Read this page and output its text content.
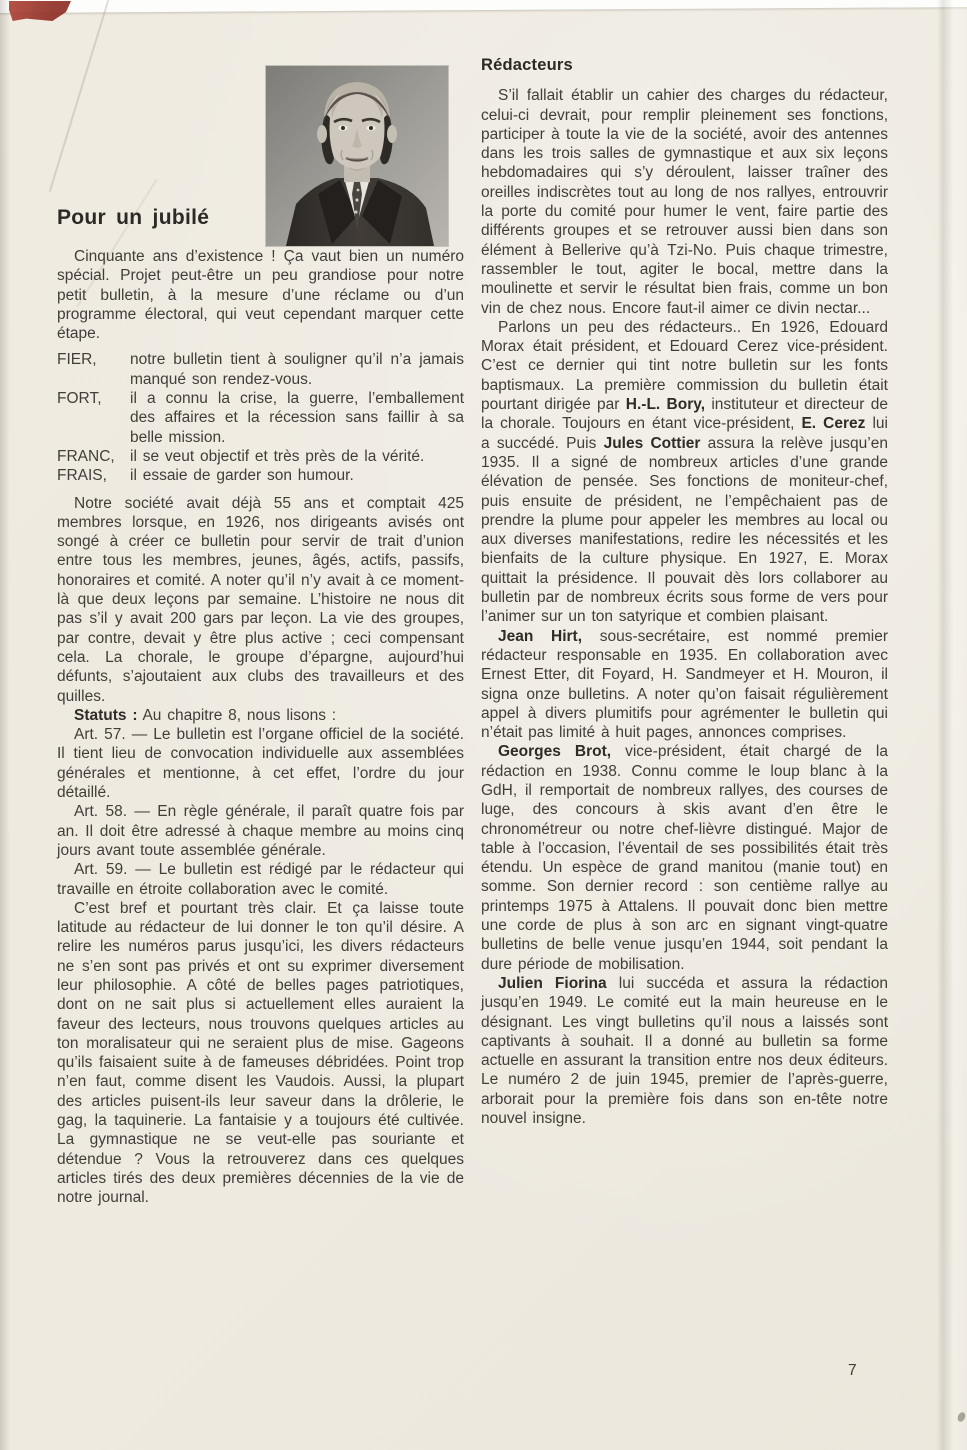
Pour un jubilé

Cinquante ans d’existence ! Ça vaut bien un numéro spécial. Projet peut-être un peu grandiose pour notre petit bulletin, à la mesure d’une réclame ou d’un programme électoral, qui veut cependant marquer cette étape.

FIER,	notre bulletin tient à souligner qu’il n’a jamais manqué son rendez-vous.
FORT,	il a connu la crise, la guerre, l’emballement des affaires et la récession sans faillir à sa belle mission.
FRANC, il se veut objectif et très près de la vérité.
FRAIS,	il essaie de garder son humour.

Notre société avait déjà 55 ans et comptait 425 membres lorsque, en 1926, nos dirigeants avisés ont songé à créer ce bulletin pour servir de trait d’union entre tous les membres, jeunes, âgés, actifs, passifs, honoraires et comité. A noter qu’il n’y avait à ce moment-là que deux leçons par semaine. L’histoire ne nous dit pas s’il y avait 200 gars par leçon. La vie des groupes, par contre, devait y être plus active ; ceci compensant cela. La chorale, le groupe d’épargne, aujourd’hui défunts, s’ajoutaient aux clubs des travailleurs et des quilles.

Statuts : Au chapitre 8, nous lisons :

Art. 57. — Le bulletin est l’organe officiel de la société. Il tient lieu de convocation individuelle aux assemblées générales et mentionne, à cet effet, l’ordre du jour détaillé.

Art. 58. — En règle générale, il paraît quatre fois par an. Il doit être adressé à chaque membre au moins cinq jours avant toute assemblée générale.

Art. 59. — Le bulletin est rédigé par le rédacteur qui travaille en étroite collaboration avec le comité.

C’est bref et pourtant très clair. Et ça laisse toute latitude au rédacteur de lui donner le ton qu’il désire. A relire les numéros parus jusqu’ici, les divers rédacteurs ne s’en sont pas privés et ont su exprimer diversement leur philosophie. A côté de belles pages patriotiques, dont on ne sait plus si actuellement elles auraient la faveur des lecteurs, nous trouvons quelques articles au ton moralisateur qui ne seraient plus de mise. Gageons qu’ils faisaient suite à de fameuses débridées. Point trop n’en faut, comme disent les Vaudois. Aussi, la plupart des articles puisent-ils leur saveur dans la drôlerie, le gag, la taquinerie. La fantaisie y a toujours été cultivée. La gymnastique ne se veut-elle pas souriante et détendue ? Vous la retrouverez dans ces quelques articles tirés des deux premières décennies de la vie de notre journal.

Rédacteurs

S’il fallait établir un cahier des charges du rédacteur, celui-ci devrait, pour remplir pleinement ses fonctions, participer à toute la vie de la société, avoir des antennes dans les trois salles de gymnastique et aux six leçons hebdomadaires qui s’y déroulent, laisser traîner des oreilles indiscrètes tout au long de nos rallyes, entrouvrir la porte du comité pour humer le vent, faire partie des différents groupes et se retrouver aussi bien dans son élément à Bellerive qu’à Tzi-No. Puis chaque trimestre, rassembler le tout, agiter le bocal, mettre dans la moulinette et servir le résultat bien frais, comme un bon vin de chez nous. Encore faut-il aimer ce divin nectar...

Parlons un peu des rédacteurs.. En 1926, Edouard Morax était président, et Edouard Cerez vice-président. C’est ce dernier qui tint notre bulletin sur les fonts baptismaux. La première commission du bulletin était pourtant dirigée par H.-L. Bory, instituteur et directeur de la chorale. Toujours en étant vice-président, E. Cerez lui a succédé. Puis Jules Cottier assura la relève jusqu’en 1935. Il a signé de nombreux articles d’une grande élévation de pensée. Ses fonctions de moniteur-chef, puis ensuite de président, ne l’empêchaient pas de prendre la plume pour appeler les membres au local ou aux diverses manifestations, redire les nécessités et les bienfaits de la culture physique. En 1927, E. Morax quittait la présidence. Il pouvait dès lors collaborer au bulletin par de nombreux écrits sous forme de vers pour l’animer sur un ton satyrique et combien plaisant.

Jean Hirt, sous-secrétaire, est nommé premier rédacteur responsable en 1935. En collaboration avec Ernest Etter, dit Foyard, H. Sandmeyer et H. Mouron, il signa onze bulletins. A noter qu’on faisait régulièrement appel à divers plumitifs pour agrémenter le bulletin qui n’était pas limité à huit pages, annonces comprises.

Georges Brot, vice-président, était chargé de la rédaction en 1938. Connu comme le loup blanc à la GdH, il remportait de nombreux rallyes, des courses de luge, des concours à skis avant d’en être le chronométreur ou notre chef-lièvre distingué. Major de table à l’occasion, l’éventail de ses possibilités était très étendu. Un espèce de grand manitou (manie tout) en somme. Son dernier record : son centième rallye au printemps 1975 à Attalens. Il pouvait donc bien mettre une corde de plus à son arc en signant vingt-quatre bulletins de belle venue jusqu’en 1944, soit pendant la dure période de mobilisation.

Julien Fiorina lui succéda et assura la rédaction jusqu’en 1949. Le comité eut la main heureuse en le désignant. Les vingt bulletins qu’il nous a laissés sont captivants à souhait. Il a donné au bulletin sa forme actuelle en assurant la transition entre nos deux éditeurs. Le numéro 2 de juin 1945, premier de l’après-guerre, arborait pour la première fois dans son en-tête notre nouvel insigne.

7
